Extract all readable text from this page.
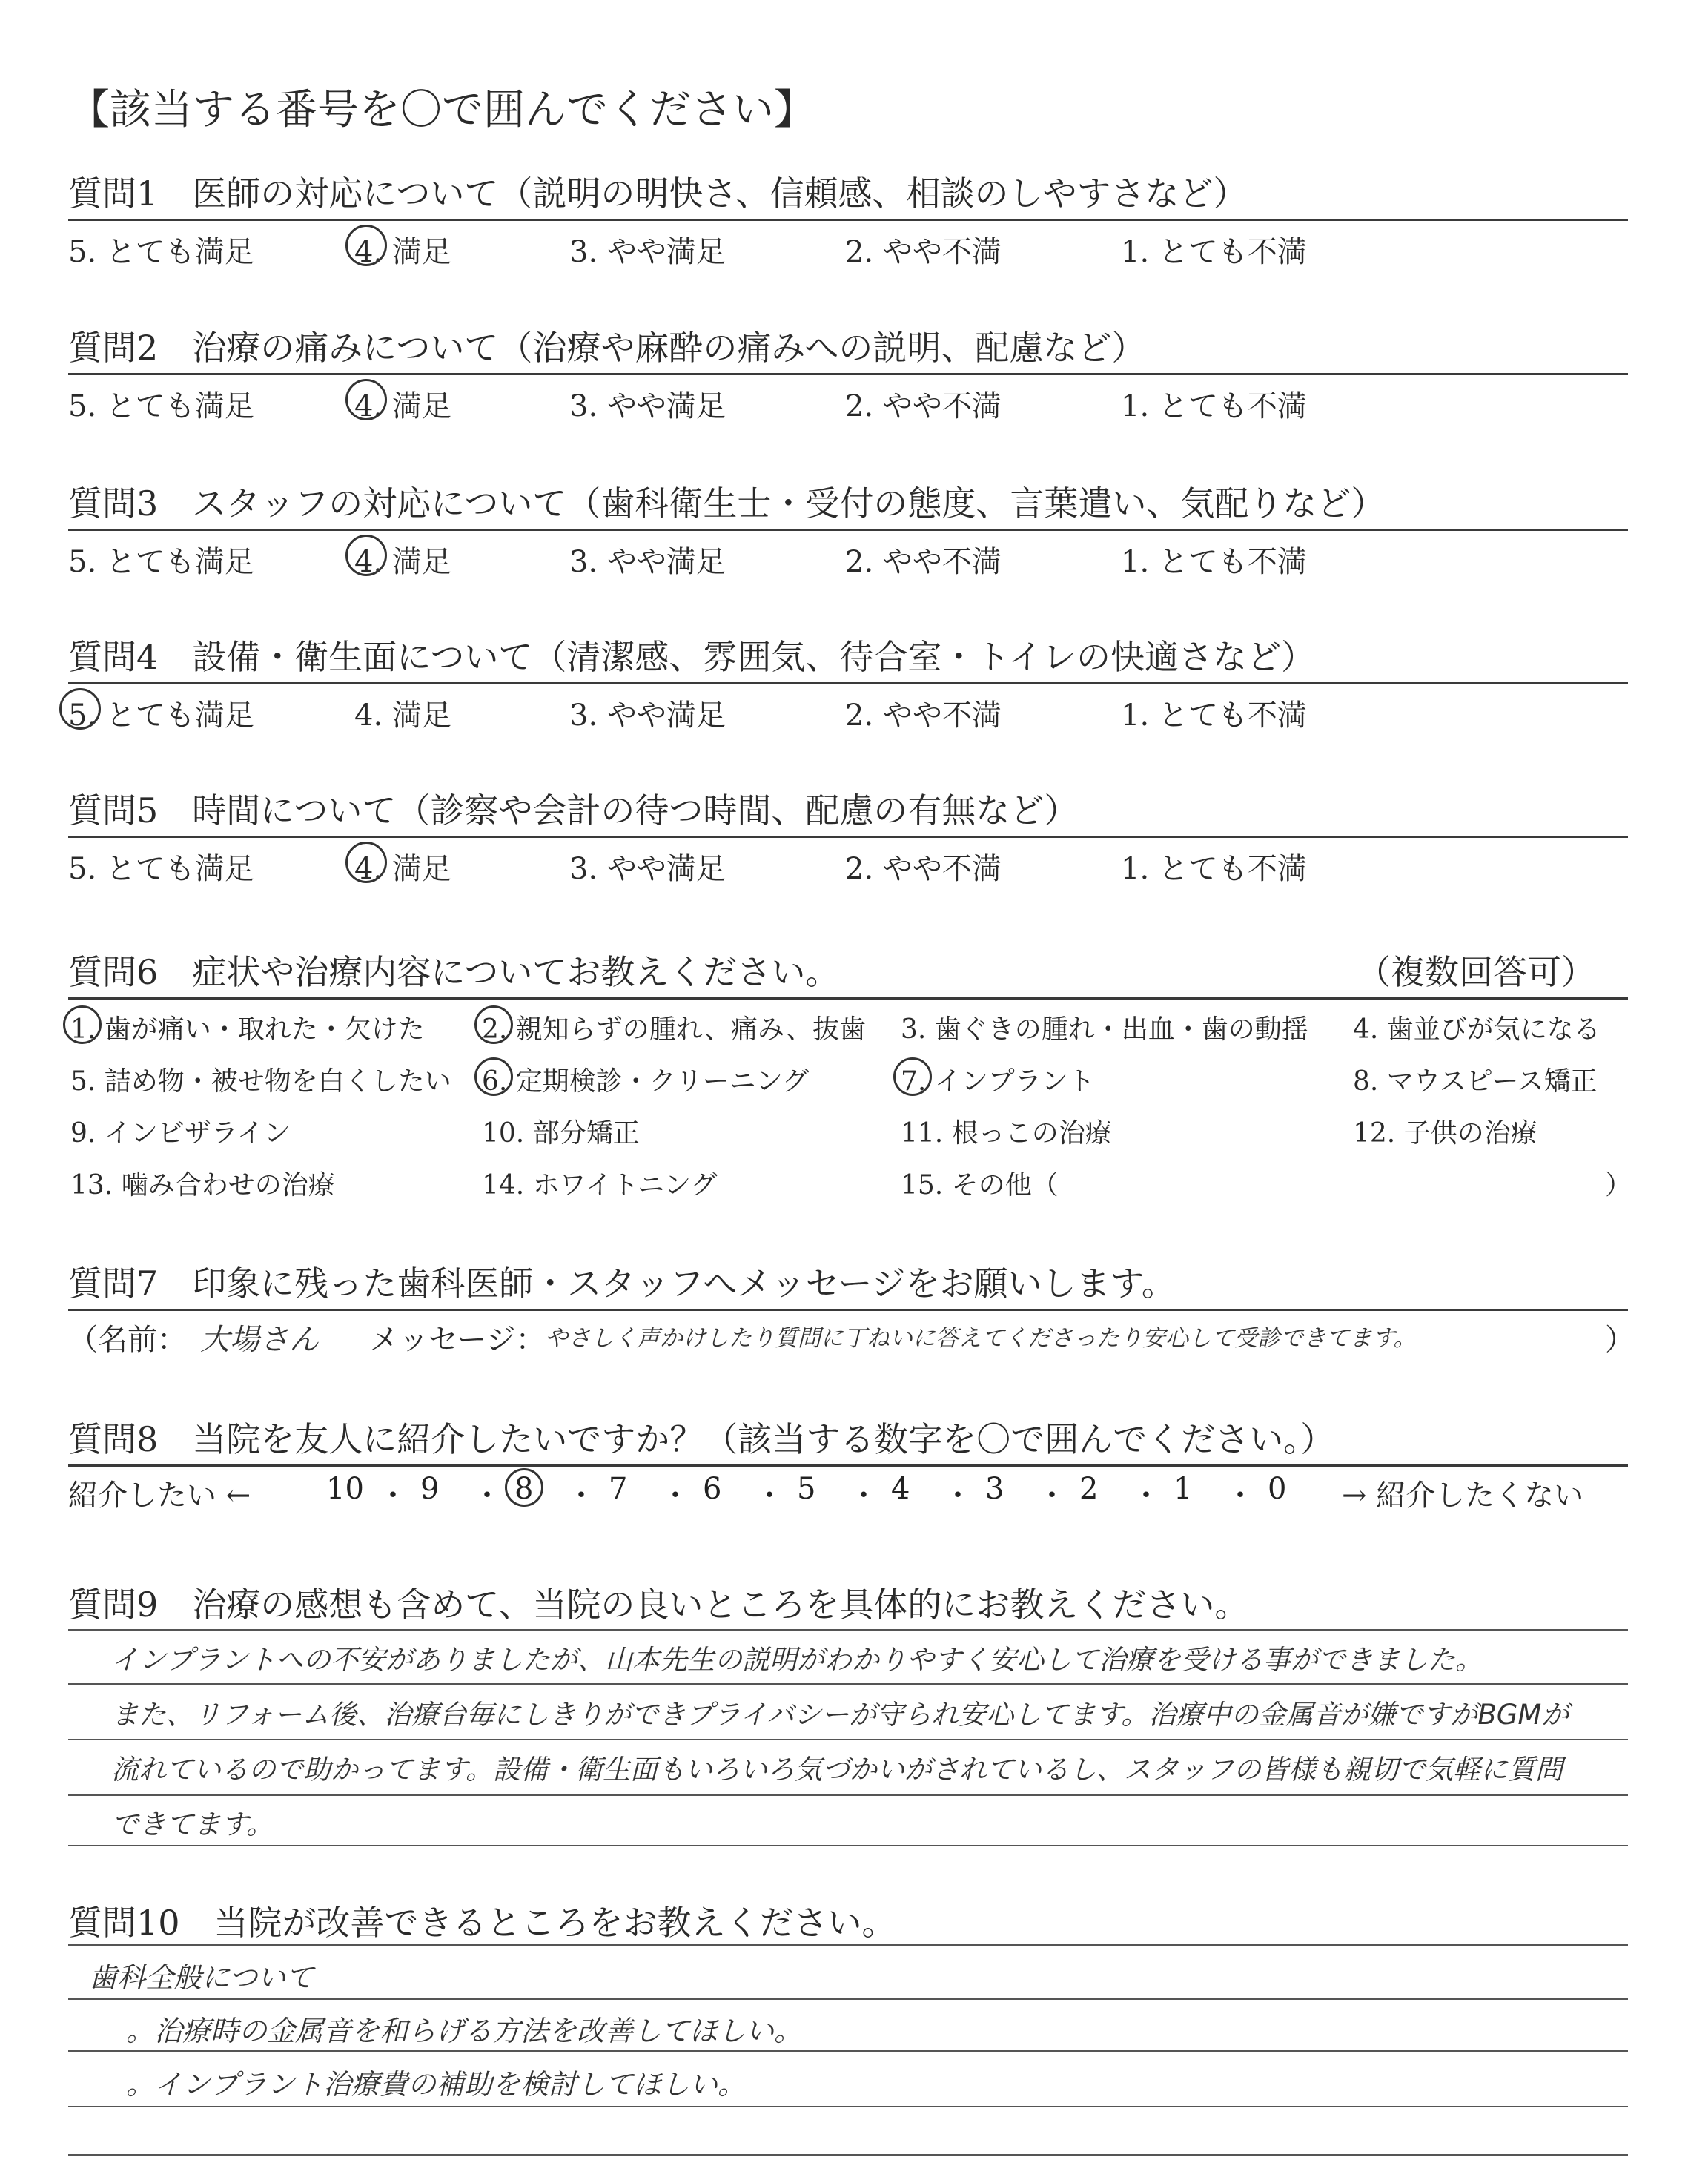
【該当する番号を〇で囲んでください】
質問6　症状や治療内容についてお教えください。	（複数回答可）
質問7　印象に残った歯科医師・スタッフへメッセージをお願いします。
（名前： 大場さん メッセージ： やさしく声かけしたり質問に丁ねいに答えてくださったり安心して受診できてます。	）
質問8　当院を友人に紹介したいですか？（該当する数字を〇で囲んでください。）
紹介したい ←	→ 紹介したくない
質問9　治療の感想も含めて、当院の良いところを具体的にお教えください。
質問10　当院が改善できるところをお教えください。
質問1　医師の対応について（説明の明快さ、信頼感、相談のしやすさなど）
5. とても満足	4. 満足	3. やや満足	2. やや不満	1. とても不満
質問2　治療の痛みについて（治療や麻酔の痛みへの説明、配慮など）
5. とても満足	4. 満足	3. やや満足	2. やや不満	1. とても不満
質問3　スタッフの対応について（歯科衛生士・受付の態度、言葉遣い、気配りなど）
5. とても満足	4. 満足	3. やや満足	2. やや不満	1. とても不満
質問4　設備・衛生面について（清潔感、雰囲気、待合室・トイレの快適さなど）
5. とても満足	4. 満足	3. やや満足	2. やや不満	1. とても不満
質問5　時間について（診察や会計の待つ時間、配慮の有無など）
5. とても満足	4. 満足	3. やや満足	2. やや不満	1. とても不満
1. 歯が痛い・取れた・欠けた 2. 親知らずの腫れ、痛み、抜歯 3. 歯ぐきの腫れ・出血・歯の動揺 4. 歯並びが気になる
5. 詰め物・被せ物を白くしたい 6. 定期検診・クリーニング	7. インプラント	8. マウスピース矯正
9. インビザライン	10. 部分矯正	11. 根っこの治療	12. 子供の治療
13. 噛み合わせの治療	14. ホワイトニング	15. その他（	）
10 ・ 9 ・ 8 ・ 7 ・ 6 ・ 5 ・ 4 ・ 3 ・ 2 ・ 1 ・ 0
インプラントへの不安がありましたが、山本先生の説明がわかりやすく安心して治療を受ける事ができました。
また、リフォーム後、治療台毎にしきりができプライバシーが守られ安心してます。治療中の金属音が嫌ですがBGMが
流れているので助かってます。設備・衛生面もいろいろ気づかいがされているし、スタッフの皆様も親切で気軽に質問
できてます。
歯科全般について
。治療時の金属音を和らげる方法を改善してほしい。
。インプラント治療費の補助を検討してほしい。
